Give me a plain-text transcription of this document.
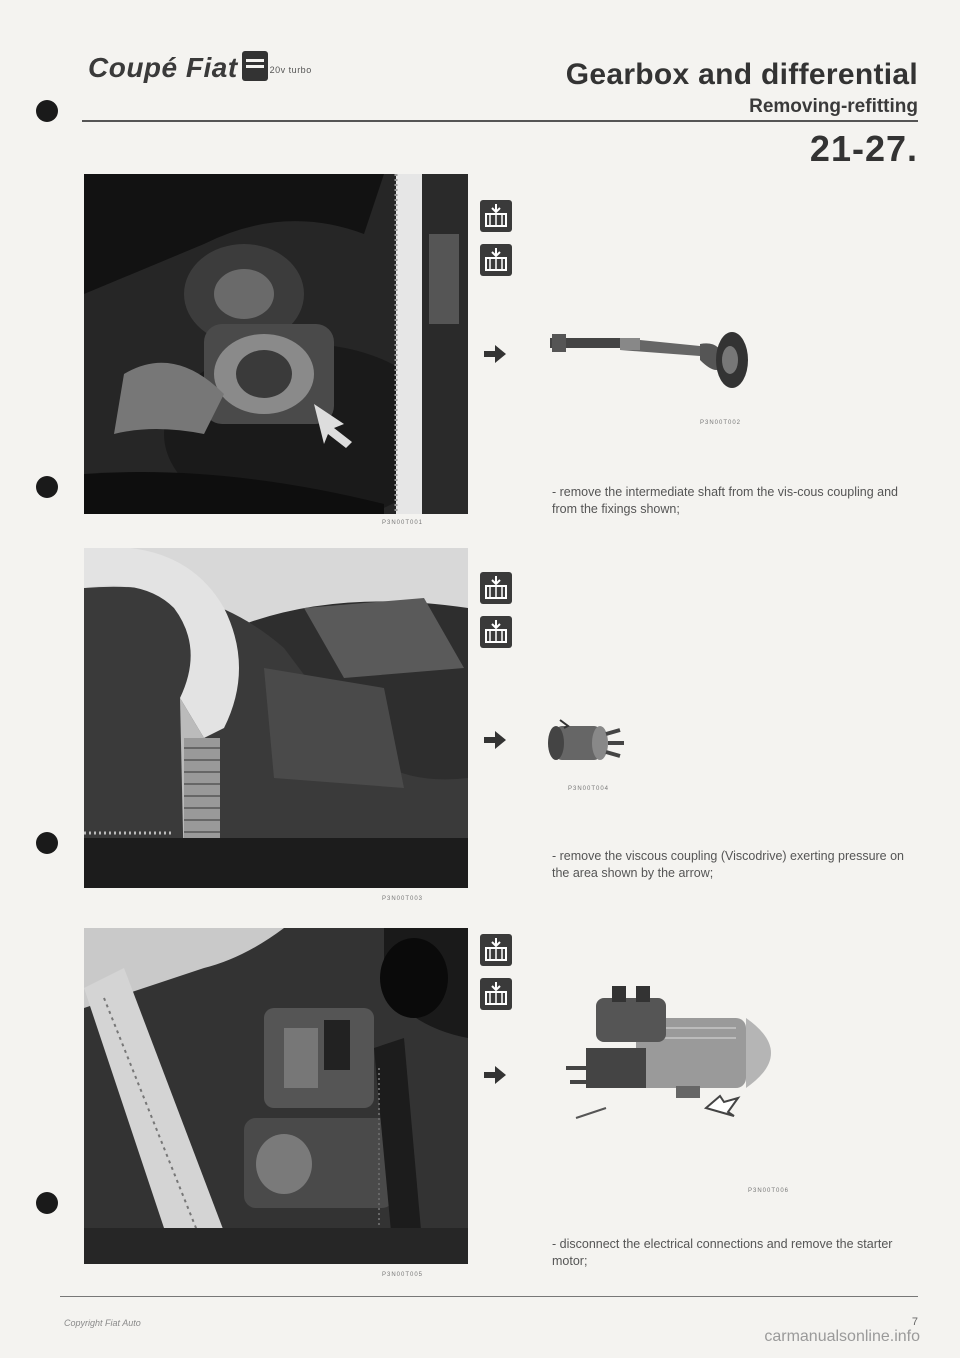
Coupé Fiat	20v turbo	Gearbox and differential
Removing-refitting
21-27.
P3N00T001
P3N00T002
- remove the intermediate shaft from the vis-cous coupling and from the fixings shown;
P3N00T003
P3N00T004
- remove the viscous coupling (Viscodrive) exerting pressure on the area shown by the arrow;
P3N00T005
P3N00T006
- disconnect the electrical connections and remove the starter motor;
Copyright Fiat Auto	7
carmanualsonline.info
